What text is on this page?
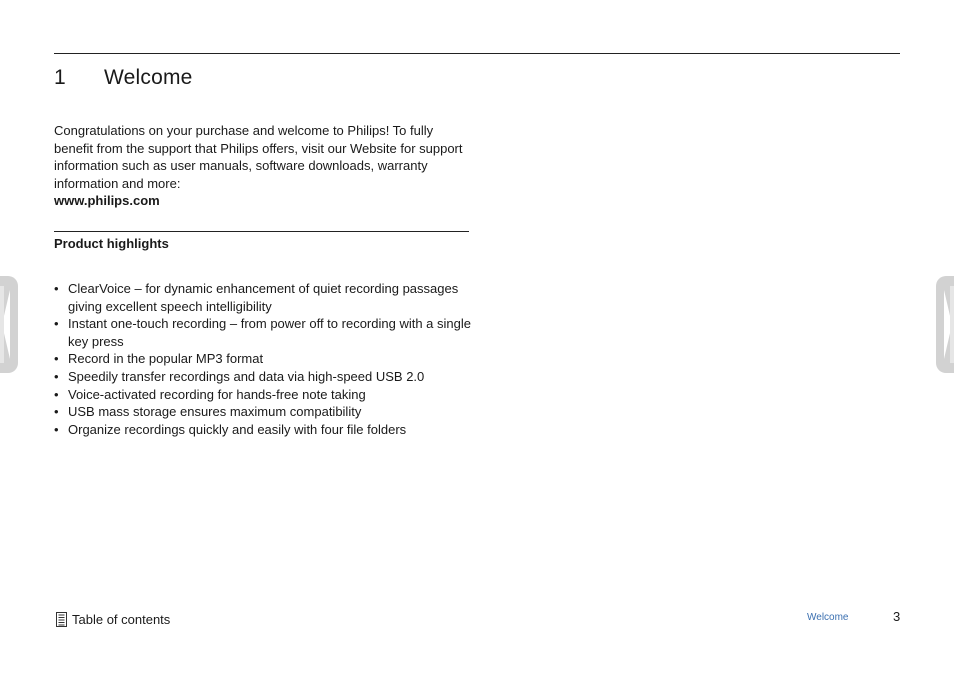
1 Welcome

Congratulations on your purchase and welcome to Philips! To fully benefit from the support that Philips offers, visit our Website for support information such as user manuals, software downloads, warranty information and more:

www.philips.com
Product highlights
• ClearVoice – for dynamic enhancement of quiet recording passages giving excellent speech intelligibility
• Instant one-touch recording – from power off to recording with a single key press
• Record in the popular MP3 format
• Speedily transfer recordings and data via high-speed USB 2.0
• Voice-activated recording for hands-free note taking
• USB mass storage ensures maximum compatibility
• Organize recordings quickly and easily with four file folders
Table of contents	Welcome	3
